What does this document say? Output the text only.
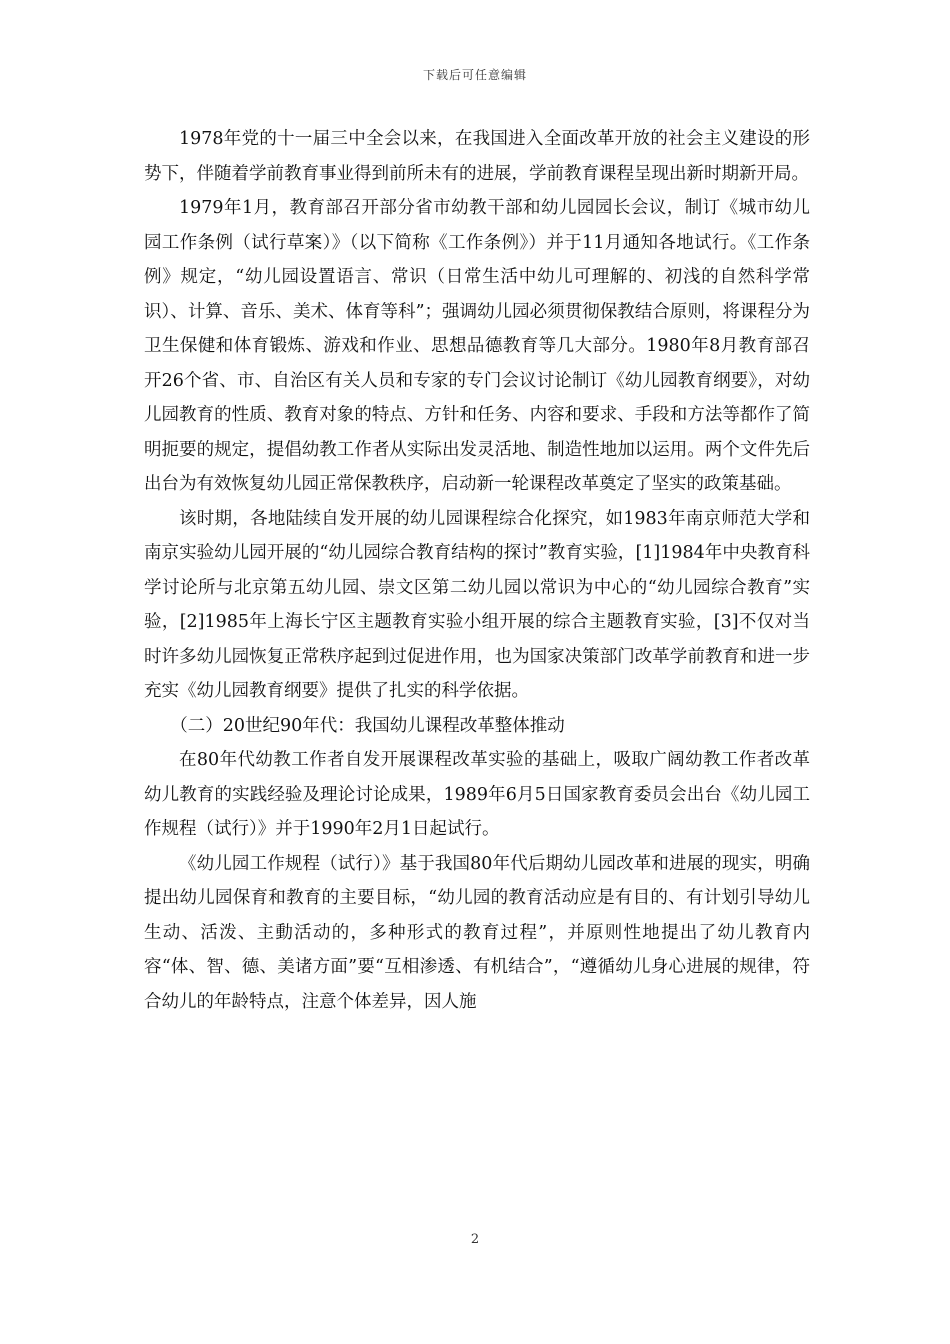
下载后可任意编辑

1978年党的十一届三中全会以来，在我国进入全面改革开放的社会主义建设的形势下，伴随着学前教育事业得到前所未有的进展，学前教育课程呈现出新时期新开局。

1979年1月，教育部召开部分省市幼教干部和幼儿园园长会议，制订《城市幼儿园工作条例（试行草案）》（以下简称《工作条例》）并于11月通知各地试行。《工作条例》规定，“幼儿园设置语言、常识（日常生活中幼儿可理解的、初浅的自然科学常识）、计算、音乐、美术、体育等科”；强调幼儿园必须贯彻保教结合原则，将课程分为卫生保健和体育锻炼、游戏和作业、思想品德教育等几大部分。1980年8月教育部召开26个省、市、自治区有关人员和专家的专门会议讨论制订《幼儿园教育纲要》，对幼儿园教育的性质、教育对象的特点、方针和任务、内容和要求、手段和方法等都作了简明扼要的规定，提倡幼教工作者从实际出发灵活地、制造性地加以运用。两个文件先后出台为有效恢复幼儿园正常保教秩序，启动新一轮课程改革奠定了坚实的政策基础。

该时期，各地陆续自发开展的幼儿园课程综合化探究，如1983年南京师范大学和南京实验幼儿园开展的“幼儿园综合教育结构的探讨”教育实验，[1]1984年中央教育科学讨论所与北京第五幼儿园、崇文区第二幼儿园以常识为中心的“幼儿园综合教育”实验，[2]1985年上海长宁区主题教育实验小组开展的综合主题教育实验，[3]不仅对当时许多幼儿园恢复正常秩序起到过促进作用，也为国家决策部门改革学前教育和进一步充实《幼儿园教育纲要》提供了扎实的科学依据。

（二）20世纪90年代：我国幼儿课程改革整体推动

在80年代幼教工作者自发开展课程改革实验的基础上，吸取广阔幼教工作者改革幼儿教育的实践经验及理论讨论成果，1989年6月5日国家教育委员会出台《幼儿园工作规程（试行）》并于1990年2月1日起试行。

《幼儿园工作规程（试行）》基于我国80年代后期幼儿园改革和进展的现实，明确提出幼儿园保育和教育的主要目标，“幼儿园的教育活动应是有目的、有计划引导幼儿生动、活泼、主動活动的，多种形式的教育过程”，并原则性地提出了幼儿教育内容“体、智、德、美诸方面”要“互相渗透、有机结合”，“遵循幼儿身心进展的规律，符合幼儿的年龄特点，注意个体差异，因人施

2
